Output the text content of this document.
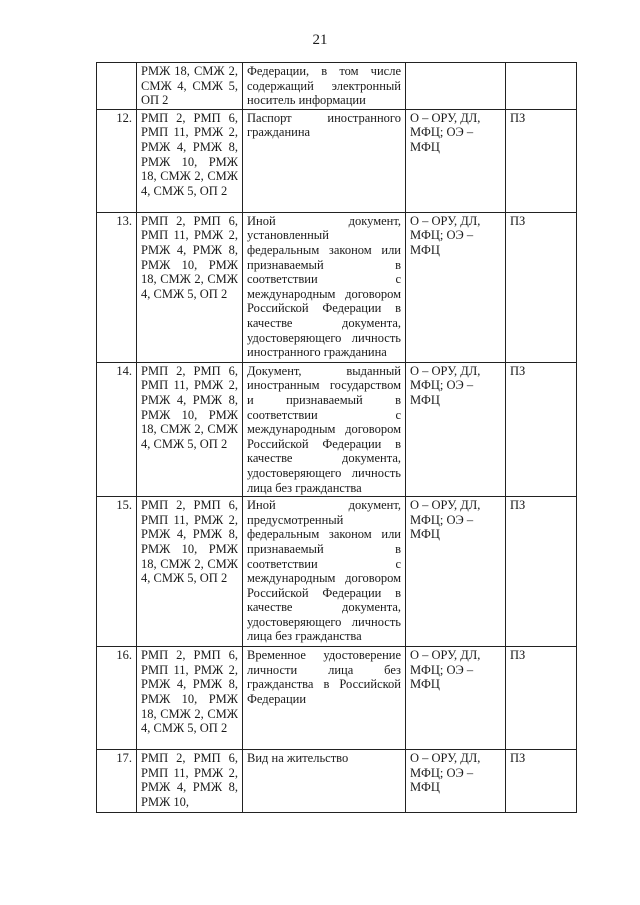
21
	РМЖ 18, СМЖ 2, СМЖ 4, СМЖ 5, ОП 2	Федерации, в том числе содержащий электронный носитель информации		
12.	РМП 2, РМП 6, РМП 11, РМЖ 2, РМЖ 4, РМЖ 8, РМЖ 10, РМЖ 18, СМЖ 2, СМЖ 4, СМЖ 5, ОП 2	Паспорт иностранного гражданина	О – ОРУ, ДЛ, МФЦ; ОЭ – МФЦ	ПЗ
13.	РМП 2, РМП 6, РМП 11, РМЖ 2, РМЖ 4, РМЖ 8, РМЖ 10, РМЖ 18, СМЖ 2, СМЖ 4, СМЖ 5, ОП 2	Иной документ, установленный федеральным законом или признаваемый в соответствии с международным договором Российской Федерации в качестве документа, удостоверяющего личность иностранного гражданина	О – ОРУ, ДЛ, МФЦ; ОЭ – МФЦ	ПЗ
14.	РМП 2, РМП 6, РМП 11, РМЖ 2, РМЖ 4, РМЖ 8, РМЖ 10, РМЖ 18, СМЖ 2, СМЖ 4, СМЖ 5, ОП 2	Документ, выданный иностранным государством и признаваемый в соответствии с международным договором Российской Федерации в качестве документа, удостоверяющего личность лица без гражданства	О – ОРУ, ДЛ, МФЦ; ОЭ – МФЦ	ПЗ
15.	РМП 2, РМП 6, РМП 11, РМЖ 2, РМЖ 4, РМЖ 8, РМЖ 10, РМЖ 18, СМЖ 2, СМЖ 4, СМЖ 5, ОП 2	Иной документ, предусмотренный федеральным законом или признаваемый в соответствии с международным договором Российской Федерации в качестве документа, удостоверяющего личность лица без гражданства	О – ОРУ, ДЛ, МФЦ; ОЭ – МФЦ	ПЗ
16.	РМП 2, РМП 6, РМП 11, РМЖ 2, РМЖ 4, РМЖ 8, РМЖ 10, РМЖ 18, СМЖ 2, СМЖ 4, СМЖ 5, ОП 2	Временное удостоверение личности лица без гражданства в Российской Федерации	О – ОРУ, ДЛ, МФЦ; ОЭ – МФЦ	ПЗ
17.	РМП 2, РМП 6, РМП 11, РМЖ 2, РМЖ 4, РМЖ 8, РМЖ 10,	Вид на жительство	О – ОРУ, ДЛ, МФЦ; ОЭ – МФЦ	ПЗ
